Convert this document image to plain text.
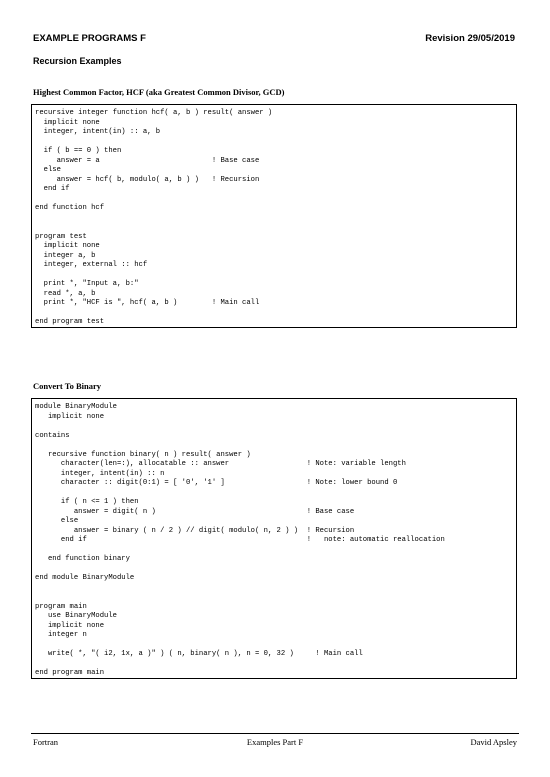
EXAMPLE PROGRAMS F	Revision 29/05/2019
Recursion Examples
Highest Common Factor, HCF (aka Greatest Common Divisor, GCD)
recursive integer function hcf( a, b ) result( answer )
implicit none
integer, intent(in) :: a, b

if ( b == 0 ) then
answer = a                          ! Base case
else
answer = hcf( b, modulo( a, b ) )   ! Recursion
end if

end function hcf

program test
implicit none
integer a, b
integer, external :: hcf

print *, "Input a, b:"
read *, a, b
print *, "HCF is ", hcf( a, b )        ! Main call

end program test
Convert To Binary
module BinaryModule
implicit none

contains

recursive function binary( n ) result( answer )
character(len=:), allocatable :: answer                  ! Note: variable length
integer, intent(in) :: n
character :: digit(0:1) = [ '0', '1' ]                   ! Note: lower bound 0

if ( n <= 1 ) then
answer = digit( n )                                   ! Base case
else
answer = binary ( n / 2 ) // digit( modulo( n, 2 ) )  ! Recursion
end if                                                   !   note: automatic reallocation

end function binary

end module BinaryModule

program main
use BinaryModule
implicit none
integer n

write( *, "( i2, 1x, a )" ) ( n, binary( n ), n = 0, 32 )     ! Main call

end program main
Fortran	Examples Part F	David Apsley
